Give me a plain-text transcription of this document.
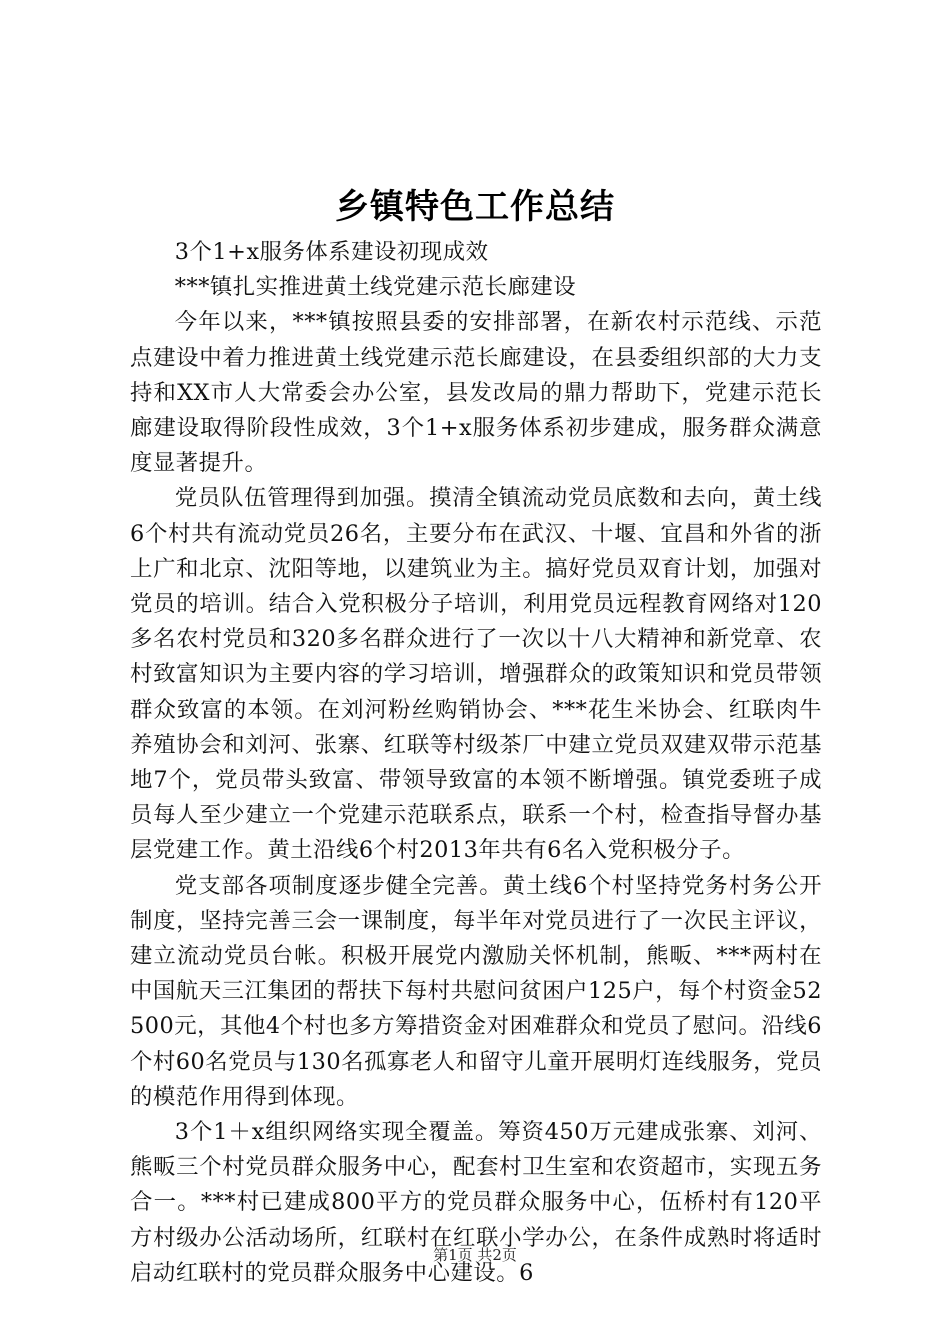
乡镇特色工作总结

3个1+x服务体系建设初现成效

***镇扎实推进黄土线党建示范长廊建设

今年以来，***镇按照县委的安排部署，在新农村示范线、示范点建设中着力推进黄土线党建示范长廊建设，在县委组织部的大力支持和XX市人大常委会办公室，县发改局的鼎力帮助下，党建示范长廊建设取得阶段性成效，3个1+x服务体系初步建成，服务群众满意度显著提升。

党员队伍管理得到加强。摸清全镇流动党员底数和去向，黄土线6个村共有流动党员26名，主要分布在武汉、十堰、宜昌和外省的浙上广和北京、沈阳等地，以建筑业为主。搞好党员双育计划，加强对党员的培训。结合入党积极分子培训，利用党员远程教育网络对120多名农村党员和320多名群众进行了一次以十八大精神和新党章、农村致富知识为主要内容的学习培训，增强群众的政策知识和党员带领群众致富的本领。在刘河粉丝购销协会、***花生米协会、红联肉牛养殖协会和刘河、张寨、红联等村级茶厂中建立党员双建双带示范基地7个，党员带头致富、带领导致富的本领不断增强。镇党委班子成员每人至少建立一个党建示范联系点，联系一个村，检查指导督办基层党建工作。黄土沿线6个村2013年共有6名入党积极分子。

党支部各项制度逐步健全完善。黄土线6个村坚持党务村务公开制度，坚持完善三会一课制度，每半年对党员进行了一次民主评议，建立流动党员台帐。积极开展党内激励关怀机制，熊畈、***两村在中国航天三江集团的帮扶下每村共慰问贫困户125户，每个村资金52500元，其他4个村也多方筹措资金对困难群众和党员了慰问。沿线6个村60名党员与130名孤寡老人和留守儿童开展明灯连线服务，党员的模范作用得到体现。

3个1＋x组织网络实现全覆盖。筹资450万元建成张寨、刘河、熊畈三个村党员群众服务中心，配套村卫生室和农资超市，实现五务合一。***村已建成800平方的党员群众服务中心，伍桥村有120平方村级办公活动场所，红联村在红联小学办公，在条件成熟时将适时启动红联村的党员群众服务中心建设。6

第1页 共2页
